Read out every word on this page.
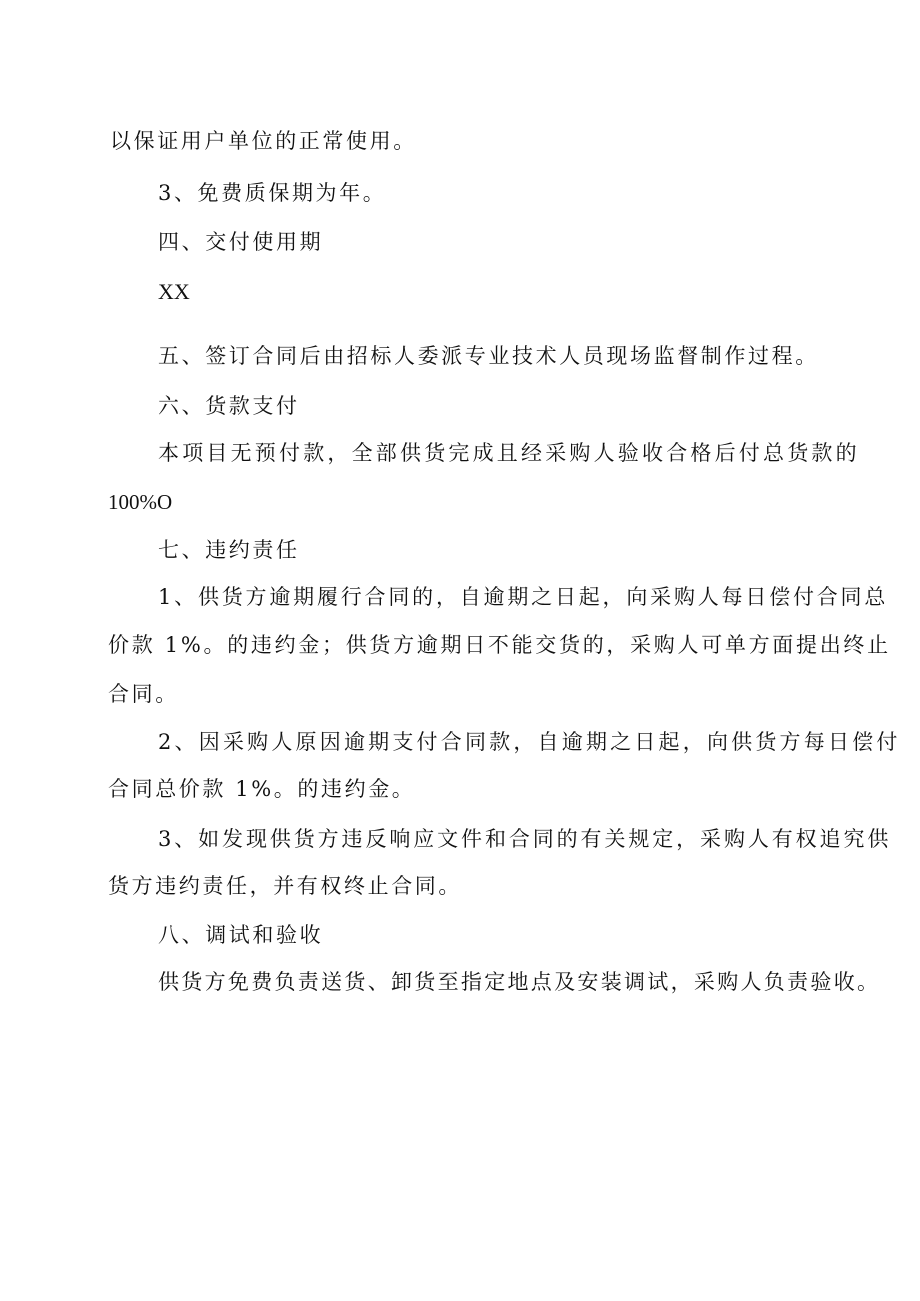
以保证用户单位的正常使用。
3、免费质保期为年。
四、交付使用期
XX
五、签订合同后由招标人委派专业技术人员现场监督制作过程。
六、货款支付
本项目无预付款，全部供货完成且经采购人验收合格后付总货款的
100%O
七、违约责任
1、供货方逾期履行合同的，自逾期之日起，向采购人每日偿付合同总
价款 1%。的违约金；供货方逾期日不能交货的，采购人可单方面提出终止
合同。
2、因采购人原因逾期支付合同款，自逾期之日起，向供货方每日偿付
合同总价款 1%。的违约金。
3、如发现供货方违反响应文件和合同的有关规定，采购人有权追究供
货方违约责任，并有权终止合同。
八、调试和验收
供货方免费负责送货、卸货至指定地点及安装调试，采购人负责验收。
